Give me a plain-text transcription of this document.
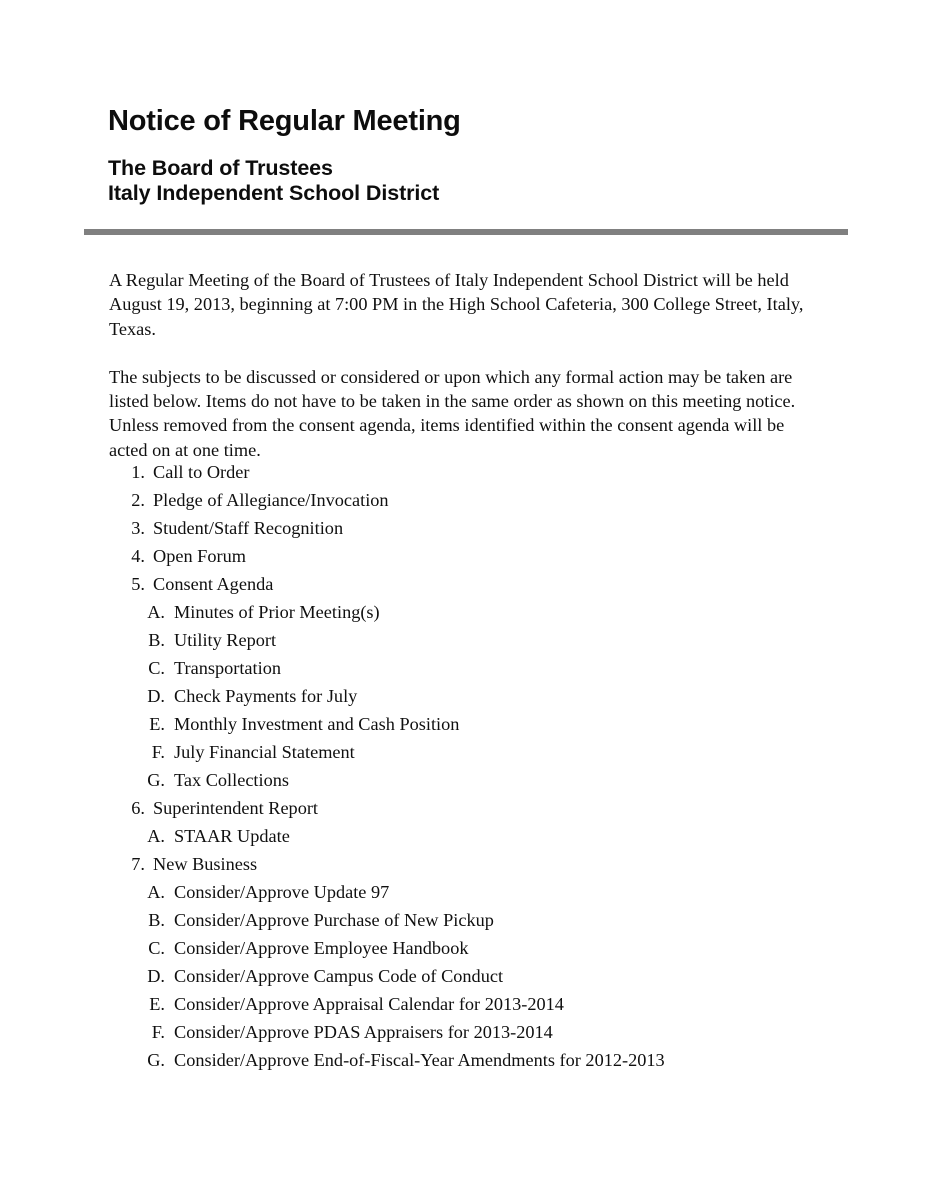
Notice of Regular Meeting
The Board of Trustees
Italy Independent School District

A Regular Meeting of the Board of Trustees of Italy Independent School District will be held August 19, 2013, beginning at 7:00 PM in the High School Cafeteria, 300 College Street, Italy, Texas.

The subjects to be discussed or considered or upon which any formal action may be taken are listed below. Items do not have to be taken in the same order as shown on this meeting notice. Unless removed from the consent agenda, items identified within the consent agenda will be acted on at one time.

1. Call to Order
2. Pledge of Allegiance/Invocation
3. Student/Staff Recognition
4. Open Forum
5. Consent Agenda
A. Minutes of Prior Meeting(s)
B. Utility Report
C. Transportation
D. Check Payments for July
E. Monthly Investment and Cash Position
F. July Financial Statement
G. Tax Collections
6. Superintendent Report
A. STAAR Update
7. New Business
A. Consider/Approve Update 97
B. Consider/Approve Purchase of New Pickup
C. Consider/Approve Employee Handbook
D. Consider/Approve Campus Code of Conduct
E. Consider/Approve Appraisal Calendar for 2013-2014
F. Consider/Approve PDAS Appraisers for 2013-2014
G. Consider/Approve End-of-Fiscal-Year Amendments for 2012-2013
